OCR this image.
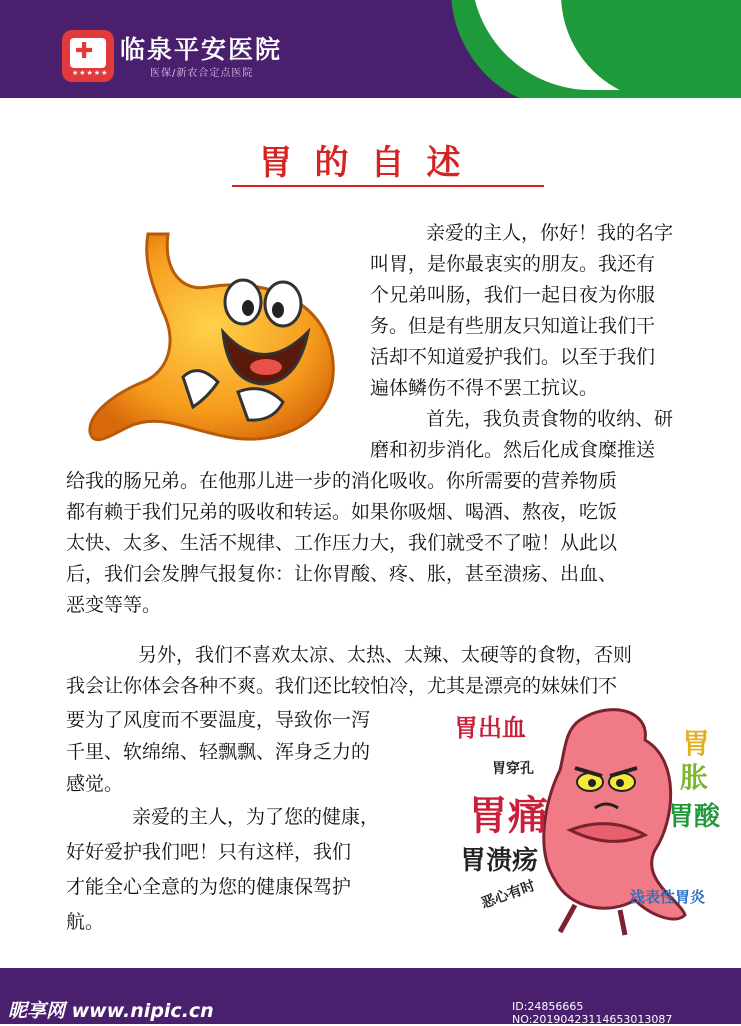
✚
★★★★★
临泉平安医院
医保/新农合定点医院
胃的自述
亲爱的主人，你好！我的名字
叫胃，是你最衷实的朋友。我还有
个兄弟叫肠，我们一起日夜为你服
务。但是有些朋友只知道让我们干
活却不知道爱护我们。以至于我们
遍体鳞伤不得不罢工抗议。
首先，我负责食物的收纳、研
磨和初步消化。然后化成食糜推送
给我的肠兄弟。在他那儿进一步的消化吸收。你所需要的营养物质
都有赖于我们兄弟的吸收和转运。如果你吸烟、喝酒、熬夜，吃饭
太快、太多、生活不规律、工作压力大，我们就受不了啦！从此以
后，我们会发脾气报复你：让你胃酸、疼、胀，甚至溃疡、出血、
恶变等等。
另外，我们不喜欢太凉、太热、太辣、太硬等的食物，否则
我会让你体会各种不爽。我们还比较怕冷，尤其是漂亮的妹妹们不
要为了风度而不要温度，导致你一泻
千里、软绵绵、轻飘飘、浑身乏力的
感觉。
亲爱的主人，为了您的健康，
好好爱护我们吧！只有这样，我们
才能全心全意的为您的健康保驾护
航。
胃出血	胃
胀
胃穿孔
胃痛	胃酸
胃溃疡
恶心有时	浅表性胃炎
昵享网 www.nipic.cn	ID:24856665 NO:20190423114653013087
